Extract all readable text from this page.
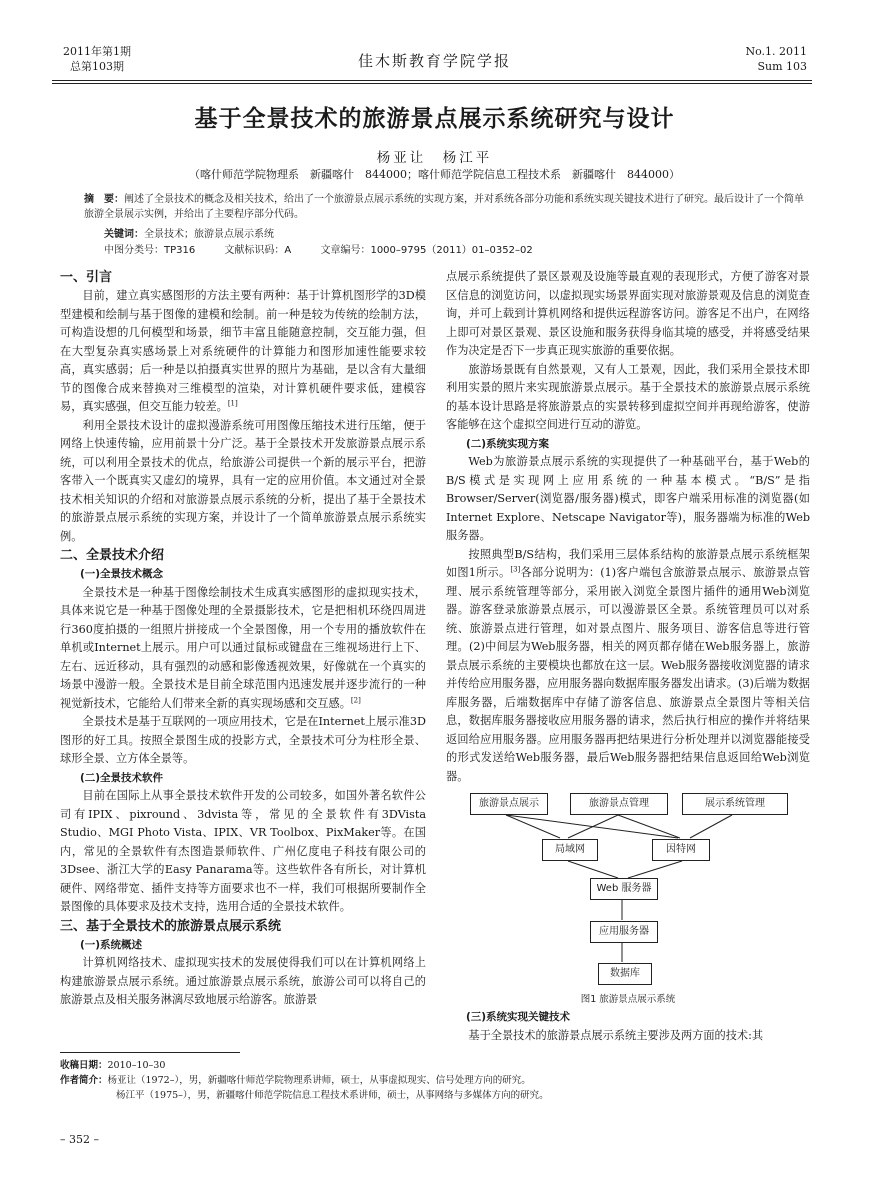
2011年第1期
总第103期	佳木斯教育学院学报
No.1. 2011
Sum 103
基于全景技术的旅游景点展示系统研究与设计
杨亚让　杨江平
（喀什师范学院物理系　新疆喀什　844000；喀什师范学院信息工程技术系　新疆喀什　844000）
摘　要：阐述了全景技术的概念及相关技术，给出了一个旅游景点展示系统的实现方案，并对系统各部分功能和系统实现关键技术进行了研究。最后设计了一个简单旅游全景展示实例，并给出了主要程序部分代码。
关键词：全景技术；旅游景点展示系统
中图分类号：TP316	文献标识码：A	文章编号：1000–9795（2011）01–0352–02
一、引言

目前，建立真实感图形的方法主要有两种：基于计算机图形学的3D模型建模和绘制与基于图像的建模和绘制。前一种是较为传统的绘制方法，可构造设想的几何模型和场景，细节丰富且能随意控制，交互能力强，但在大型复杂真实感场景上对系统硬件的计算能力和图形加速性能要求较高，真实感弱；后一种是以拍摄真实世界的照片为基础，是以含有大量细节的图像合成来替换对三维模型的渲染，对计算机硬件要求低，建模容易，真实感强，但交互能力较差。[1]

利用全景技术设计的虚拟漫游系统可用图像压缩技术进行压缩，便于网络上快速传输，应用前景十分广泛。基于全景技术开发旅游景点展示系统，可以利用全景技术的优点，给旅游公司提供一个新的展示平台，把游客带入一个既真实又虚幻的境界，具有一定的应用价值。本文通过对全景技术相关知识的介绍和对旅游景点展示系统的分析，提出了基于全景技术的旅游景点展示系统的实现方案，并设计了一个简单旅游景点展示系统实例。

二、全景技术介绍
(一)全景技术概念

全景技术是一种基于图像绘制技术生成真实感图形的虚拟现实技术，具体来说它是一种基于图像处理的全景摄影技术，它是把相机环绕四周进行360度拍摄的一组照片拼接成一个全景图像，用一个专用的播放软件在单机或Internet上展示。用户可以通过鼠标或键盘在三维视场进行上下、左右、远近移动，具有强烈的动感和影像透视效果，好像就在一个真实的场景中漫游一般。全景技术是目前全球范围内迅速发展并逐步流行的一种视觉新技术，它能给人们带来全新的真实现场感和交互感。[2]

全景技术是基于互联网的一项应用技术，它是在Internet上展示准3D图形的好工具。按照全景图生成的投影方式，全景技术可分为柱形全景、球形全景、立方体全景等。

(二)全景技术软件

目前在国际上从事全景技术软件开发的公司较多，如国外著名软件公司有IPIX、pixround、3dvista等，常见的全景软件有3DVista Studio、MGI Photo Vista、IPIX、VR Toolbox、PixMaker等。在国内，常见的全景软件有杰图造景师软件、广州亿度电子科技有限公司的3Dsee、浙江大学的Easy Panarama等。这些软件各有所长，对计算机硬件、网络带宽、插件支持等方面要求也不一样，我们可根据所要制作全景图像的具体要求及技术支持，选用合适的全景技术软件。

三、基于全景技术的旅游景点展示系统
(一)系统概述

计算机网络技术、虚拟现实技术的发展使得我们可以在计算机网络上构建旅游景点展示系统。通过旅游景点展示系统，旅游公司可以将自己的旅游景点及相关服务淋漓尽致地展示给游客。旅游景

点展示系统提供了景区景观及设施等最直观的表现形式，方便了游客对景区信息的浏览访问，以虚拟现实场景界面实现对旅游景观及信息的浏览查询，并可上载到计算机网络和提供远程游客访问。游客足不出户，在网络上即可对景区景观、景区设施和服务获得身临其境的感受，并将感受结果作为决定是否下一步真正现实旅游的重要依据。

旅游场景既有自然景观，又有人工景观，因此，我们采用全景技术即利用实景的照片来实现旅游景点展示。基于全景技术的旅游景点展示系统的基本设计思路是将旅游景点的实景转移到虚拟空间并再现给游客，使游客能够在这个虚拟空间进行互动的游览。

(二)系统实现方案

Web为旅游景点展示系统的实现提供了一种基础平台，基于Web的B/S模式是实现网上应用系统的一种基本模式。“B/S”是指Browser/Server(浏览器/服务器)模式，即客户端采用标准的浏览器(如Internet Explore、Netscape Navigator等)，服务器端为标准的Web服务器。

按照典型B/S结构，我们采用三层体系结构的旅游景点展示系统框架如图1所示。[3]各部分说明为：(1)客户端包含旅游景点展示、旅游景点管理、展示系统管理等部分，采用嵌入浏览全景图片插件的通用Web浏览器。游客登录旅游景点展示，可以漫游景区全景。系统管理员可以对系统、旅游景点进行管理，如对景点图片、服务项目、游客信息等进行管理。(2)中间层为Web服务器，相关的网页都存储在Web服务器上，旅游景点展示系统的主要模块也都放在这一层。Web服务器接收浏览器的请求并传给应用服务器，应用服务器向数据库服务器发出请求。(3)后端为数据库服务器，后端数据库中存储了游客信息、旅游景点全景图片等相关信息，数据库服务器接收应用服务器的请求，然后执行相应的操作并将结果返回给应用服务器。应用服务器再把结果进行分析处理并以浏览器能接受的形式发送给Web服务器，最后Web服务器把结果信息返回给Web浏览器。

旅游景点展示	旅游景点管理	展示系统管理
局域网	因特网
Web 服务器
应用服务器
数据库
图1 旅游景点展示系统
(三)系统实现关键技术

基于全景技术的旅游景点展示系统主要涉及两方面的技术:其

收稿日期：2010–10–30
作者简介：杨亚让（1972–），男，新疆喀什师范学院物理系讲师，硕士，从事虚拟现实、信号处理方向的研究。
杨江平（1975–），男，新疆喀什师范学院信息工程技术系讲师，硕士，从事网络与多媒体方向的研究。
– 352 –
